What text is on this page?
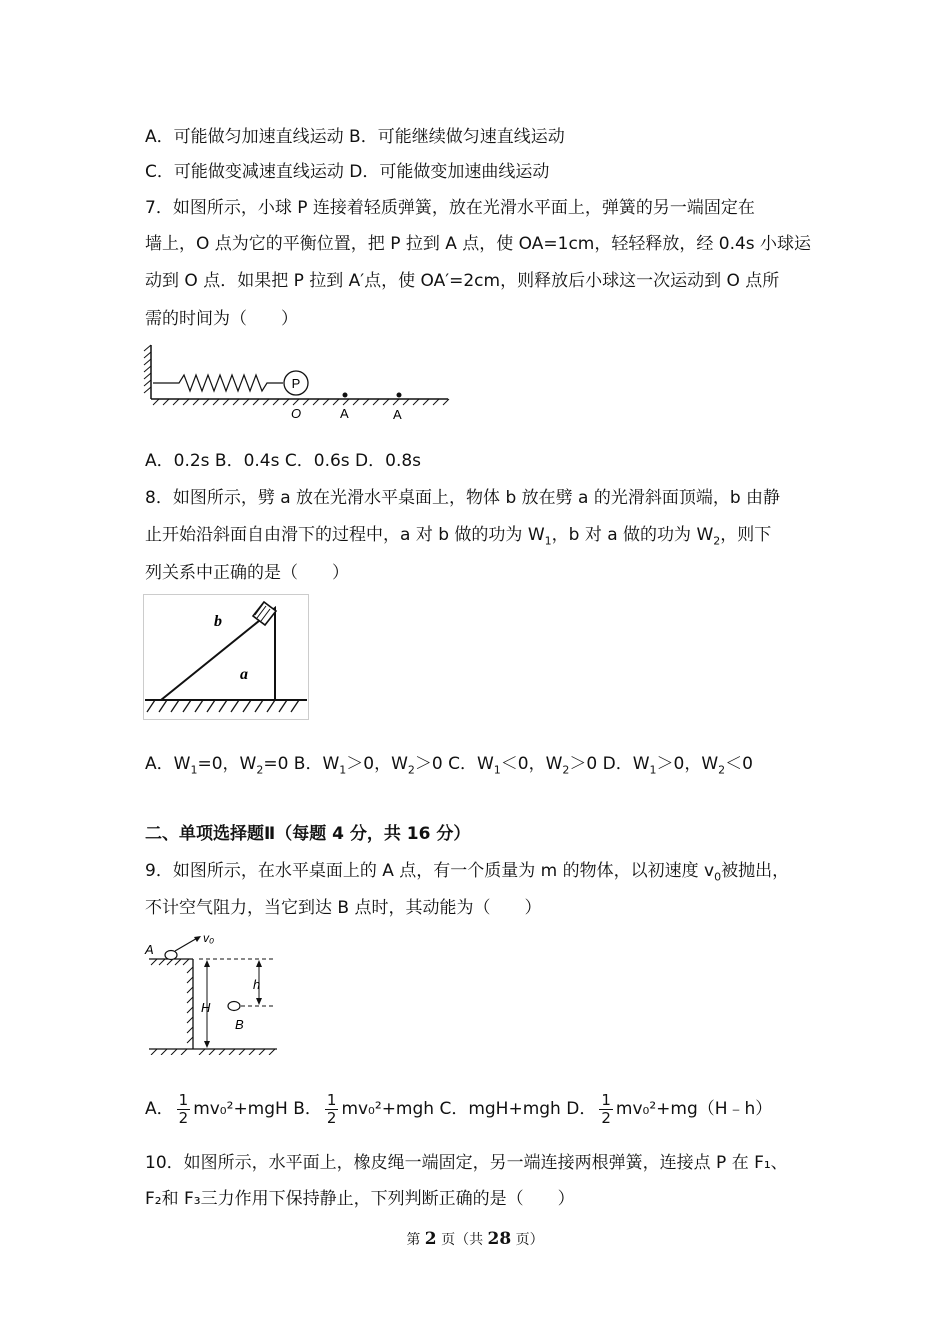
A．可能做匀加速直线运动 B．可能继续做匀速直线运动
C．可能做变减速直线运动 D．可能做变加速曲线运动
7．如图所示，小球 P 连接着轻质弹簧，放在光滑水平面上，弹簧的另一端固定在
墙上，O 点为它的平衡位置，把 P 拉到 A 点，使 OA=1cm，轻轻释放，经 0.4s 小球运
动到 O 点．如果把 P 拉到 A′点，使 OA′=2cm，则释放后小球这一次运动到 O 点所
需的时间为（　　）
P
O	A	A
A．0.2s B．0.4s C．0.6s D．0.8s
8．如图所示，劈 a 放在光滑水平桌面上，物体 b 放在劈 a 的光滑斜面顶端，b 由静
止开始沿斜面自由滑下的过程中，a 对 b 做的功为 $W_1$，b 对 a 做的功为 $W_2$，则下
列关系中正确的是（　　）
b
a
A．$W_1=0$，$W_2=0$ B．$W_1>0$，$W_2>0$ C．$W_1<0$，$W_2>0$ D．$W_1>0$，$W_2<0$
二、单项选择题Ⅱ（每题 4 分，共 16 分）
9．如图所示，在水平桌面上的 A 点，有一个质量为 m 的物体，以初速度 $v_0$被抛出，
不计空气阻力，当它到达 B 点时，其动能为（　　）
A
v₀
h
H
B
A． $\frac{1}{2} mv_0^2+mgH$ B． $\frac{1}{2} mv_0^2+mgh$ C．mgH+mgh D． $\frac{1}{2}$ mv₀²+mg（H﹣h）
10．如图所示，水平面上，橡皮绳一端固定，另一端连接两根弹簧，连接点 P 在 F₁、
F₂和 F₃三力作用下保持静止，下列判断正确的是（　　）
第 2 页（共 28 页）
